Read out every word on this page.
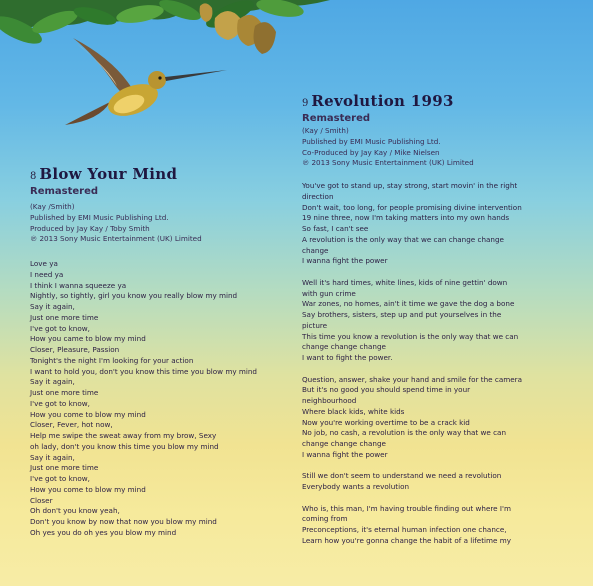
8 Blow Your Mind
Remastered
(Kay /Smith)
Published by EMI Music Publishing Ltd.
Produced by Jay Kay / Toby Smith
℗ 2013 Sony Music Entertainment (UK) Limited
Love ya
I need ya
I think I wanna squeeze ya
Nightly, so tightly, girl you know you really blow my mind
Say it again,
Just one more time
I've got to know,
How you came to blow my mind
Closer, Pleasure, Passion
Tonight's the night I'm looking for your action
I want to hold you, don't you know this time you blow my mind
Say it again,
Just one more time
I've got to know,
How you come to blow my mind
Closer, Fever, hot now,
Help me swipe the sweat away from my brow, Sexy
oh lady, don't you know this time you blow my mind
Say it again,
Just one more time
I've got to know,
How you come to blow my mind
Closer
Oh don't you know yeah,
Don't you know by now that now you blow my mind
Oh yes you do oh yes you blow my mind
9 Revolution 1993
Remastered
(Kay / Smith)
Published by EMI Music Publishing Ltd.
Co-Produced by Jay Kay / Mike Nielsen
℗ 2013 Sony Music Entertainment (UK) Limited
You've got to stand up, stay strong, start movin' in the right
direction
Don't wait, too long, for people promising divine intervention
19 nine three, now I'm taking matters into my own hands
So fast, I can't see
A revolution is the only way that we can change change
change
I wanna fight the power
Well it's hard times, white lines, kids of nine gettin' down
with gun crime
War zones, no homes, ain't it time we gave the dog a bone
Say brothers, sisters, step up and put yourselves in the
picture
This time you know a revolution is the only way that we can
change change change
I want to fight the power.
Question, answer, shake your hand and smile for the camera
But it's no good you should spend time in your
neighbourhood
Where black kids, white kids
Now you're working overtime to be a crack kid
No job, no cash, a revolution is the only way that we can
change change change
I wanna fight the power
Still we don't seem to understand we need a revolution
Everybody wants a revolution
Who is, this man, I'm having trouble finding out where I'm
coming from
Preconceptions, it's eternal human infection one chance,
Learn how you're gonna change the habit of a lifetime my
